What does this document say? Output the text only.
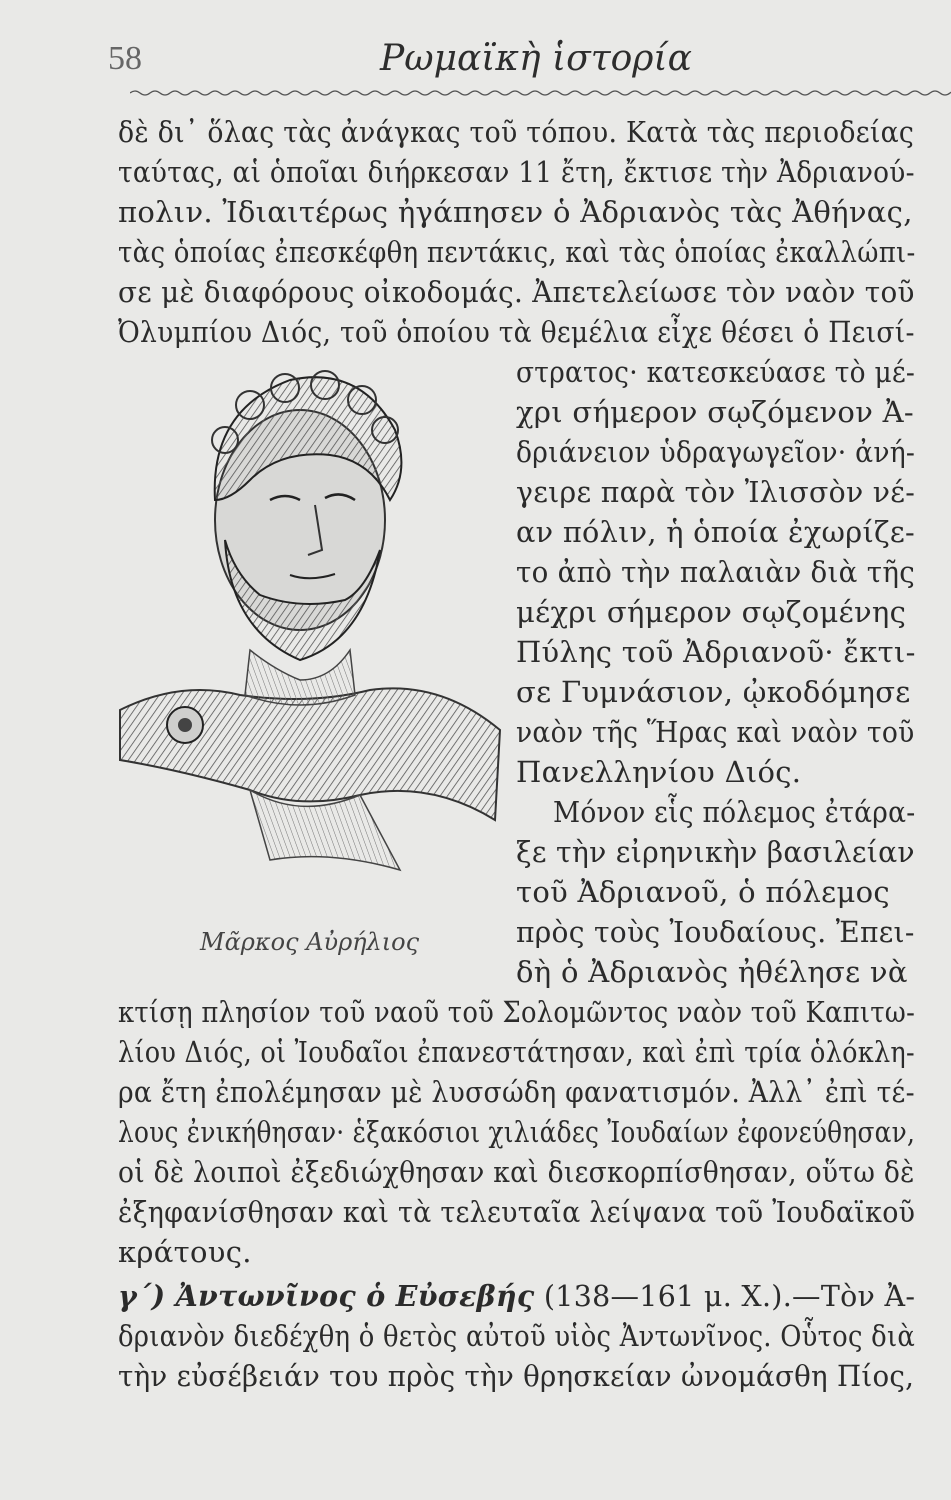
58	Ρωμαϊκὴ ἱστορία
δὲ δι᾿ ὅλας τὰς ἀνάγκας τοῦ τόπου. Κατὰ τὰς περιοδείας
ταύτας, αἱ ὁποῖαι διήρκεσαν 11 ἔτη, ἔκτισε τὴν Ἀδριανού-
πολιν. Ἰδιαιτέρως ἠγάπησεν ὁ Ἀδριανὸς τὰς Ἀθήνας,
τὰς ὁποίας ἐπεσκέφθη πεντάκις, καὶ τὰς ὁποίας ἐκαλλώπι-
σε μὲ διαφόρους οἰκοδομάς. Ἀπετελείωσε τὸν ναὸν τοῦ
Ὀλυμπίου Διός, τοῦ ὁποίου τὰ θεμέλια εἶχε θέσει ὁ Πεισί-
στρατος· κατεσκεύασε τὸ μέ-
χρι σήμερον σῳζόμενον Ἀ-
δριάνειον ὑδραγωγεῖον· ἀνή-
γειρε παρὰ τὸν Ἰλισσὸν νέ-
αν πόλιν, ἡ ὁποία ἐχωρίζε-
το ἀπὸ τὴν παλαιὰν διὰ τῆς
μέχρι σήμερον σῳζομένης
Πύλης τοῦ Ἀδριανοῦ· ἔκτι-
σε Γυμνάσιον, ᾠκοδόμησε
ναὸν τῆς Ἥρας καὶ ναὸν τοῦ
Πανελληνίου Διός.
Μόνον εἷς πόλεμος ἐτάρα-
ξε τὴν εἰρηνικὴν βασιλείαν
τοῦ Ἀδριανοῦ, ὁ πόλεμος
πρὸς τοὺς Ἰουδαίους. Ἐπει-
δὴ ὁ Ἀδριανὸς ἠθέλησε νὰ
Μᾶρκος Αὐρήλιος
κτίσῃ πλησίον τοῦ ναοῦ τοῦ Σολομῶντος ναὸν τοῦ Καπιτω-
λίου Διός, οἱ Ἰουδαῖοι ἐπανεστάτησαν, καὶ ἐπὶ τρία ὁλόκλη-
ρα ἔτη ἐπολέμησαν μὲ λυσσώδη φανατισμόν. Ἀλλ᾿ ἐπὶ τέ-
λους ἐνικήθησαν· ἑξακόσιοι χιλιάδες Ἰουδαίων ἐφονεύθησαν,
οἱ δὲ λοιποὶ ἐξεδιώχθησαν καὶ διεσκορπίσθησαν, οὕτω δὲ
ἐξηφανίσθησαν καὶ τὰ τελευταῖα λείψανα τοῦ Ἰουδαϊκοῦ
κράτους.
γ´) Ἀντωνῖνος ὁ Εὐσεβής (138—161 μ. Χ.).—Τὸν Ἀ-
δριανὸν διεδέχθη ὁ θετὸς αὐτοῦ υἱὸς Ἀντωνῖνος. Οὗτος διὰ
τὴν εὐσέβειάν του πρὸς τὴν θρησκείαν ὠνομάσθη Πίος,
